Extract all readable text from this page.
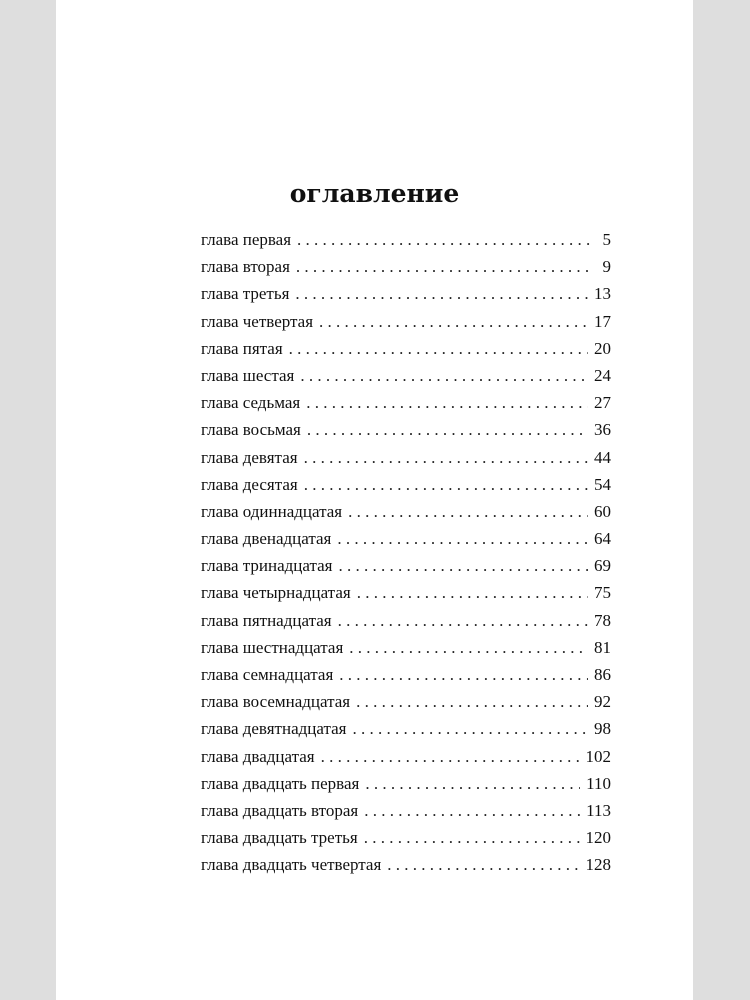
оглавление
глава первая . . .	5
глава вторая . . .	9
глава третья . . .	13
глава четвертая . . .	17
глава пятая . . .	20
глава шестая . . .	24
глава седьмая . . .	27
глава восьмая . . .	36
глава девятая . . .	44
глава десятая . . .	54
глава одиннадцатая . . .	60
глава двенадцатая . . .	64
глава тринадцатая . . .	69
глава четырнадцатая . . .	75
глава пятнадцатая . . .	78
глава шестнадцатая . . .	81
глава семнадцатая . . .	86
глава восемнадцатая . . .	92
глава девятнадцатая . . .	98
глава двадцатая . . .	102
глава двадцать первая . . .	110
глава двадцать вторая . . .	113
глава двадцать третья . . .	120
глава двадцать четвертая . . .	128
